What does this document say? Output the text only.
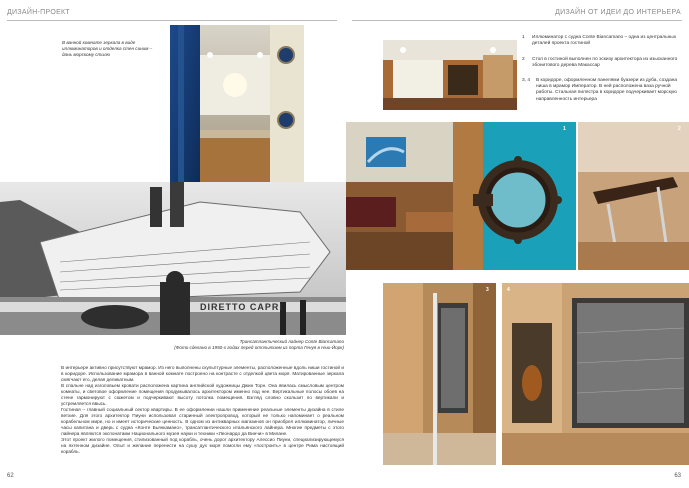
ДИЗАЙН-ПРОЕКТ	ДИЗАЙН ОТ ИДЕИ ДО ИНТЕРЬЕРА
В ванной комнате зеркала в виде иллюминаторов и отделка стен синим – дань морскому стилю
DIRETTO CAPRI
Трансатлантический лайнер Conte Biancamano
(Фото сделано в 1950-х годах перед отплытием из порта Генуя в Нью-Йорк)
В интерьере активно присутствуют мрамор. Из него выполнены скульптурные элементы, расположенные вдоль ниши гостиной и в коридоре. Использование мрамора в ванной комнате построено на контрасте с отделкой цвета моря. Матированные зеркала смягчают его, делая деликатным.
В спальне над изголовьем кровати расположена картина английской художницы Джин Торн. Она явилась смысловым центром комнаты, и световое оформление помещения продумывалось архитектором именно под нее. Вертикальные полосы обоев на стене гармонируют с сюжетом и подчеркивают высоту потолка помещения. Взгляд словно скользит по вертикали и устремляется ввысь.
Гостиная – главный социальный сектор квартиры. В ее оформлении нашли применение реальные элементы дизайна в стиле ветхие. Для этого архитектор Пиуни использовал старинный электропровод, который не только напоминает о реальном корабельном мире, но и имеет исторические ценность. В одном из антикварных магазинов он приобрел иллюминатор, личные часы капитана и дверь с судна «Конте Бьянкамано», трансатлантического итальянского лайнера. Многие предметы с этого лайнера являются экспонатами Национального музея науки и техники «Леонардо да Винчи» в Милане.
Этот проект жилого помещения, стилизованный под корабль, очень дорог архитектору Алессио Пиуни, специализирующемуся на яхтенном дизайне. Опыт и желание перенести на сушу дух моря помогли ему «построить» в центре Рима настоящий корабль.
62	63
1 Иллюминатор с судна Conte Biancamano – одна из центральных деталей проекта гостиной
2 Стол в гостиной выполнен по эскизу архитектора из изысканного эбонитового дерева Макассар
3, 4 В коридоре, оформленном панелями буазери из дуба, создана ниша в мрамор Император. В ней расположена ваза ручной работы. Стальная пилястра в коридоре подчеркивает морскую направленность интерьера
1	2
3	4
